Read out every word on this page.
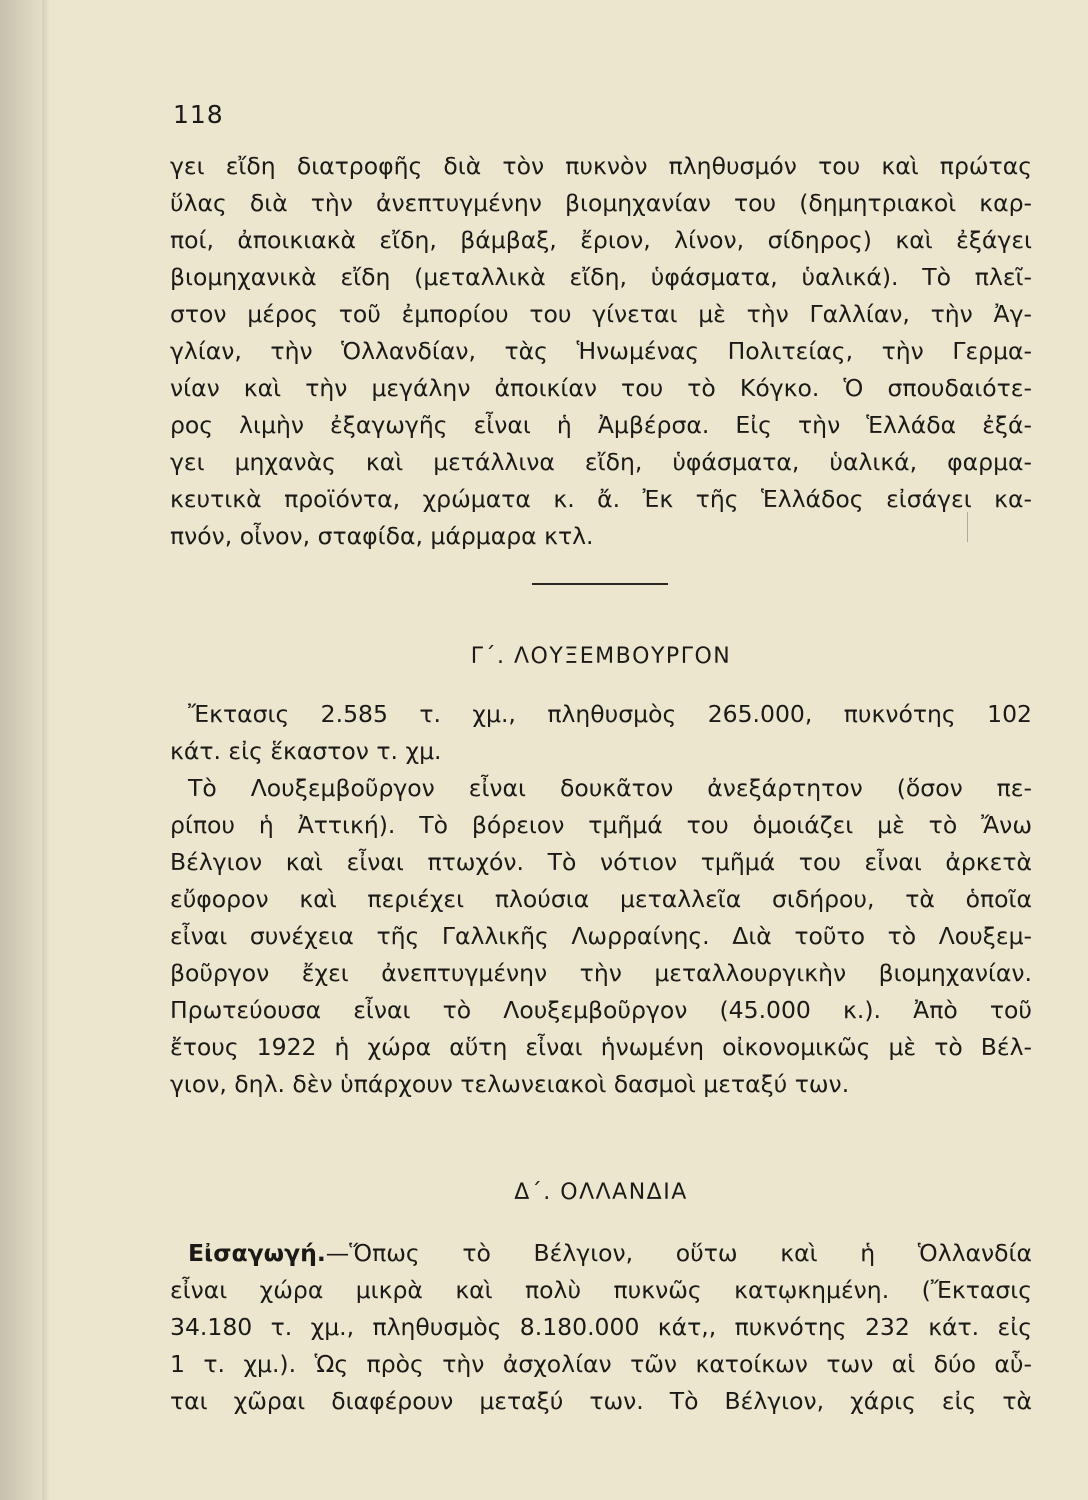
118
γει εἴδη διατροφῆς διὰ τὸν πυκνὸν πληθυσμόν του καὶ πρώτας
ὕλας διὰ τὴν ἀνεπτυγμένην βιομηχανίαν του (δημητριακοὶ καρ-
ποί, ἀποικιακὰ εἴδη, βάμβαξ, ἔριον, λίνον, σίδηρος) καὶ ἐξάγει
βιομηχανικὰ εἴδη (μεταλλικὰ εἴδη, ὑφάσματα, ὑαλικά). Τὸ πλεῖ-
στον μέρος τοῦ ἐμπορίου του γίνεται μὲ τὴν Γαλλίαν, τὴν Ἀγ-
γλίαν, τὴν Ὁλλανδίαν, τὰς Ἡνωμένας Πολιτείας, τὴν Γερμα-
νίαν καὶ τὴν μεγάλην ἀποικίαν του τὸ Κόγκο. Ὁ σπουδαιότε-
ρος λιμὴν ἐξαγωγῆς εἶναι ἡ Ἀμβέρσα. Εἰς τὴν Ἑλλάδα ἐξά-
γει μηχανὰς καὶ μετάλλινα εἴδη, ὑφάσματα, ὑαλικά, φαρμα-
κευτικὰ προϊόντα, χρώματα κ. ἄ. Ἐκ τῆς Ἑλλάδος εἰσάγει κα-
πνόν, οἶνον, σταφίδα, μάρμαρα κτλ.
Γ΄. ΛΟΥΞΕΜΒΟΥΡΓΟΝ
Ἔκτασις 2.585 τ. χμ., πληθυσμὸς 265.000, πυκνότης 102
κάτ. εἰς ἕκαστον τ. χμ.
Τὸ Λουξεμβοῦργον εἶναι δουκᾶτον ἀνεξάρτητον (ὅσον πε-
ρίπου ἡ Ἀττική). Τὸ βόρειον τμῆμά του ὁμοιάζει μὲ τὸ Ἄνω
Βέλγιον καὶ εἶναι πτωχόν. Τὸ νότιον τμῆμά του εἶναι ἀρκετὰ
εὔφορον καὶ περιέχει πλούσια μεταλλεῖα σιδήρου, τὰ ὁποῖα
εἶναι συνέχεια τῆς Γαλλικῆς Λωρραίνης. Διὰ τοῦτο τὸ Λουξεμ-
βοῦργον ἔχει ἀνεπτυγμένην τὴν μεταλλουργικὴν βιομηχανίαν.
Πρωτεύουσα εἶναι τὸ Λουξεμβοῦργον (45.000 κ.). Ἀπὸ τοῦ
ἔτους 1922 ἡ χώρα αὕτη εἶναι ἡνωμένη οἰκονομικῶς μὲ τὸ Βέλ-
γιον, δηλ. δὲν ὑπάρχουν τελωνειακοὶ δασμοὶ μεταξύ των.
Δ΄. ΟΛΛΑΝΔΙΑ
Εἰσαγωγή.—Ὅπως τὸ Βέλγιον, οὕτω καὶ ἡ Ὁλλανδία
εἶναι χώρα μικρὰ καὶ πολὺ πυκνῶς κατῳκημένη. (Ἔκτασις
34.180 τ. χμ., πληθυσμὸς 8.180.000 κάτ,, πυκνότης 232 κάτ. εἰς
1 τ. χμ.). Ὡς πρὸς τὴν ἀσχολίαν τῶν κατοίκων των αἱ δύο αὗ-
ται χῶραι διαφέρουν μεταξύ των. Τὸ Βέλγιον, χάρις εἰς τὰ
